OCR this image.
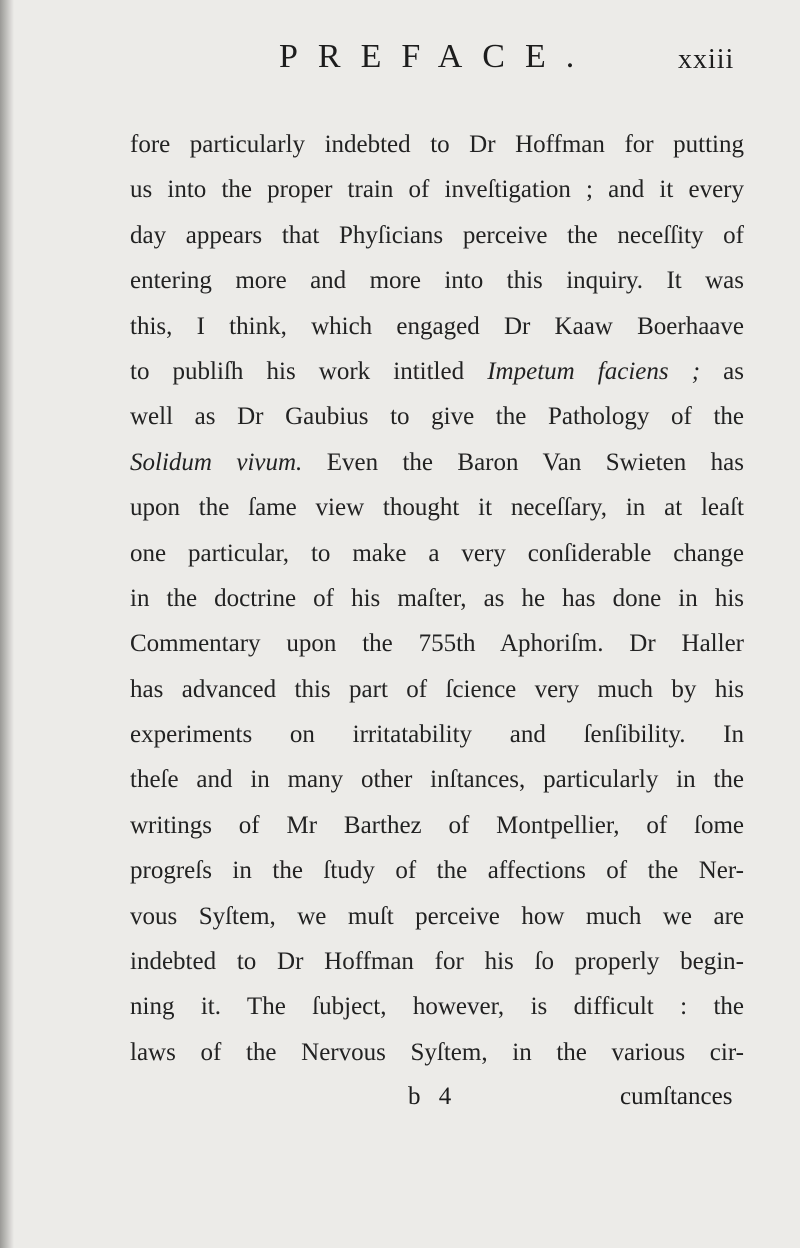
PREFACE.	xxiii
fore particularly indebted to Dr Hoffman for putting
us into the proper train of inveſtigation ; and it every
day appears that Phyſicians perceive the neceſſity of
entering more and more into this inquiry. It was
this, I think, which engaged Dr Kaaw Boerhaave
to publiſh his work intitled Impetum faciens ; as
well as Dr Gaubius to give the Pathology of the
Solidum vivum. Even the Baron Van Swieten has
upon the ſame view thought it neceſſary, in at leaſt
one particular, to make a very conſiderable change
in the doctrine of his maſter, as he has done in his
Commentary upon the 755th Aphoriſm. Dr Haller
has advanced this part of ſcience very much by his
experiments on irritatability and ſenſibility. In
theſe and in many other inſtances, particularly in the
writings of Mr Barthez of Montpellier, of ſome
progreſs in the ſtudy of the affections of the Ner-
vous Syſtem, we muſt perceive how much we are
indebted to Dr Hoffman for his ſo properly begin-
ning it. The ſubject, however, is difficult : the
laws of the Nervous Syſtem, in the various cir-
b 4	cumſtances
